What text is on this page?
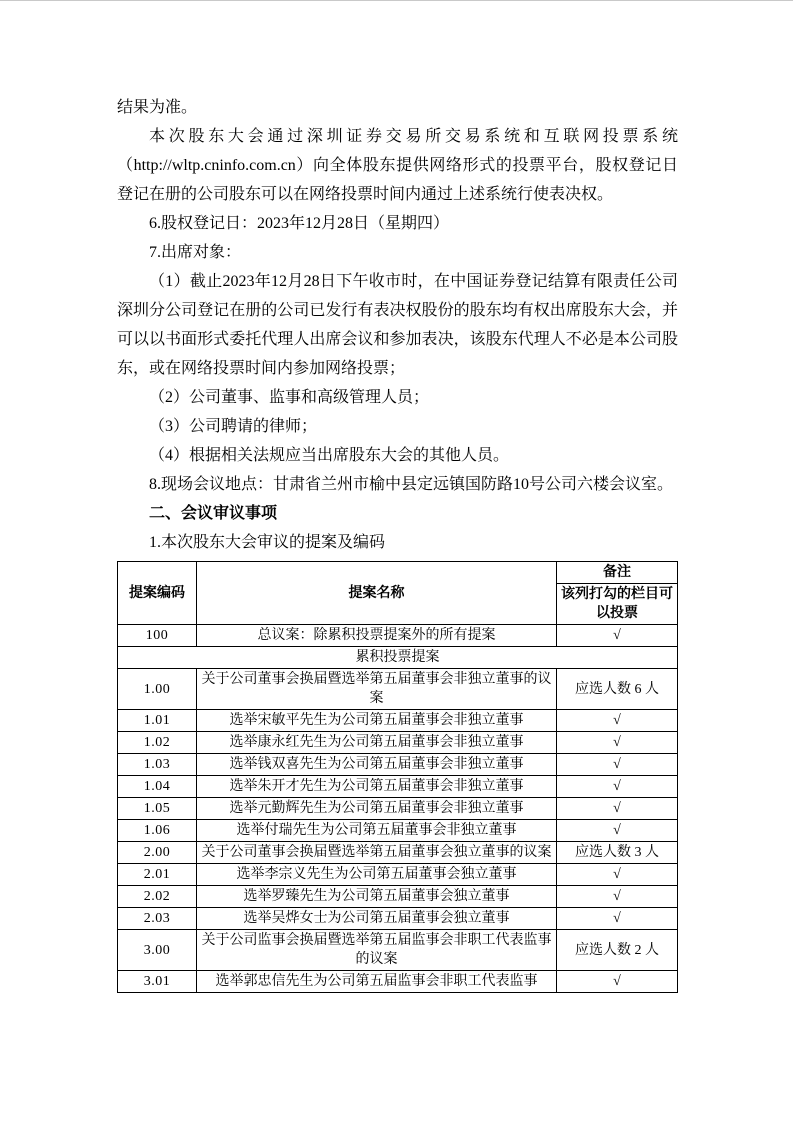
结果为准。

本次股东大会通过深圳证券交易所交易系统和互联网投票系统（http://wltp.cninfo.com.cn）向全体股东提供网络形式的投票平台，股权登记日登记在册的公司股东可以在网络投票时间内通过上述系统行使表决权。

6.股权登记日：2023年12月28日（星期四）

7.出席对象：

（1）截止2023年12月28日下午收市时，在中国证券登记结算有限责任公司深圳分公司登记在册的公司已发行有表决权股份的股东均有权出席股东大会，并可以以书面形式委托代理人出席会议和参加表决，该股东代理人不必是本公司股东，或在网络投票时间内参加网络投票；

（2）公司董事、监事和高级管理人员；

（3）公司聘请的律师；

（4）根据相关法规应当出席股东大会的其他人员。

8.现场会议地点：甘肃省兰州市榆中县定远镇国防路10号公司六楼会议室。

二、会议审议事项

1.本次股东大会审议的提案及编码

提案编码	提案名称	备注
		该列打勾的栏目可以投票
100	总议案：除累积投票提案外的所有提案	√
累积投票提案		
1.00	关于公司董事会换届暨选举第五届董事会非独立董事的议案	应选人数 6 人
1.01	选举宋敏平先生为公司第五届董事会非独立董事	√
1.02	选举康永红先生为公司第五届董事会非独立董事	√
1.03	选举钱双喜先生为公司第五届董事会非独立董事	√
1.04	选举朱开才先生为公司第五届董事会非独立董事	√
1.05	选举元勤辉先生为公司第五届董事会非独立董事	√
1.06	选举付瑞先生为公司第五届董事会非独立董事	√
2.00	关于公司董事会换届暨选举第五届董事会独立董事的议案	应选人数 3 人
2.01	选举李宗义先生为公司第五届董事会独立董事	√
2.02	选举罗臻先生为公司第五届董事会独立董事	√
2.03	选举吴烨女士为公司第五届董事会独立董事	√
3.00	关于公司监事会换届暨选举第五届监事会非职工代表监事的议案	应选人数 2 人
3.01	选举郭忠信先生为公司第五届监事会非职工代表监事	√
